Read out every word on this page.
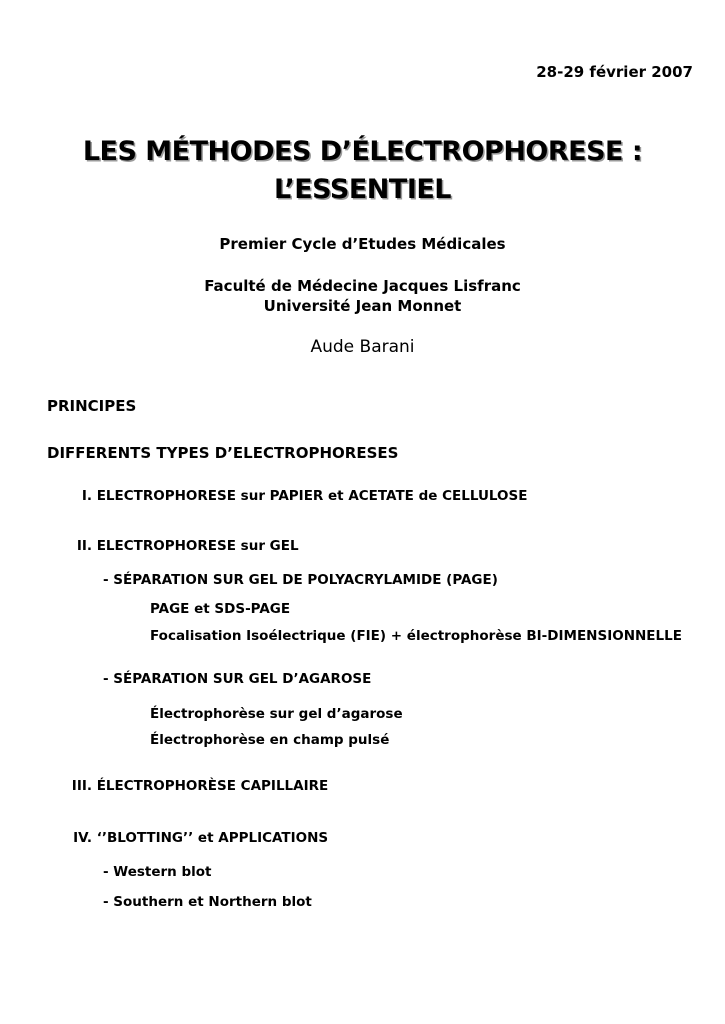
28-29 février 2007
LES MÉTHODES D’ÉLECTROPHORESE :
L’ESSENTIEL
Premier Cycle d’Etudes Médicales
Faculté de Médecine Jacques Lisfranc
Université Jean Monnet
Aude Barani
PRINCIPES
DIFFERENTS TYPES D’ELECTROPHORESES
I. ELECTROPHORESE sur PAPIER et ACETATE de CELLULOSE
II. ELECTROPHORESE sur GEL
- SÉPARATION SUR GEL DE POLYACRYLAMIDE (PAGE)
PAGE et SDS-PAGE
Focalisation Isoélectrique (FIE) + électrophorèse BI-DIMENSIONNELLE
- SÉPARATION SUR GEL D’AGAROSE
Électrophorèse sur gel d’agarose
Électrophorèse en champ pulsé
III. ÉLECTROPHORÈSE CAPILLAIRE
IV. ‘’BLOTTING’’ et APPLICATIONS
- Western blot
- Southern et Northern blot
